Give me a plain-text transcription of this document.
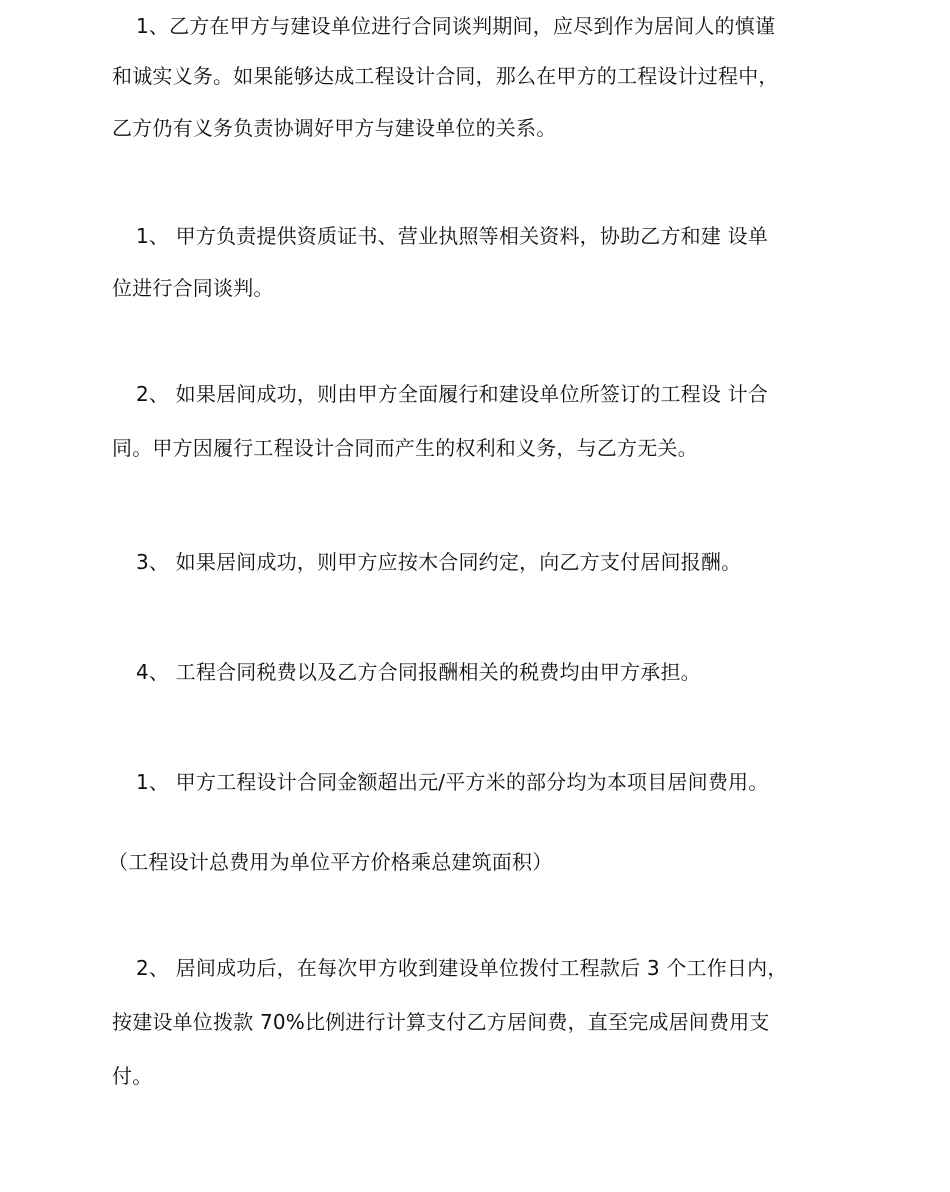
1、乙方在甲方与建设单位进行合同谈判期间，应尽到作为居间人的慎谨
和诚实义务。如果能够达成工程设计合同，那么在甲方的工程设计过程中，
乙方仍有义务负责协调好甲方与建设单位的关系。
1、 甲方负责提供资质证书、营业执照等相关资料，协助乙方和建 设单
位进行合同谈判。
2、 如果居间成功，则由甲方全面履行和建设单位所签订的工程设 计合
同。甲方因履行工程设计合同而产生的权利和义务，与乙方无关。
3、 如果居间成功，则甲方应按木合同约定，向乙方支付居间报酬。
4、 工程合同税费以及乙方合同报酬相关的税费均由甲方承担。
1、 甲方工程设计合同金额超出元/平方米的部分均为本项目居间费用。
（工程设计总费用为单位平方价格乘总建筑面积）
2、 居间成功后，在每次甲方收到建设单位拨付工程款后 3 个工作日内，
按建设单位拨款 70%比例进行计算支付乙方居间费，直至完成居间费用支
付。
